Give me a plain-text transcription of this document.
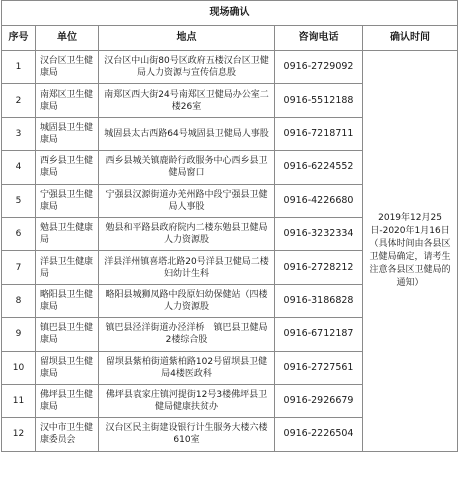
现场确认				
序号	单位	地点	咨询电话	确认时间
1	汉台区卫生健康局	汉台区中山街80号区政府五楼汉台区卫健局人力资源与宣传信息股	0916-2729092	2019年12月25日-2020年1月16日（具体时间由各县区卫健局确定，请考生注意各县区卫健局的通知）
2	南郑区卫生健康局	南郑区西大街24号南郑区卫健局办公室二楼26室	0916-5512188	
3	城固县卫生健康局	城固县太古西路64号城固县卫健局人事股	0916-7218711	
4	西乡县卫生健康局	西乡县城关镇鹿龄行政服务中心西乡县卫健局窗口	0916-6224552	
5	宁强县卫生健康局	宁强县汉源街道办羌州路中段宁强县卫健局人事股	0916-4226680	
6	勉县卫生健康局	勉县和平路县政府院内二楼东勉县卫健局人力资源股	0916-3232334	
7	洋县卫生健康局	洋县洋州镇喜塔北路20号洋县卫健局二楼妇幼计生科	0916-2728212	
8	略阳县卫生健康局	略阳县城狮凤路中段原妇幼保健站（四楼人力资源股	0916-3186828	
9	镇巴县卫生健康局	镇巴县泾洋街道办泾洋桥　镇巴县卫健局2楼综合股	0916-6712187	
10	留坝县卫生健康局	留坝县紫柏街道紫柏路102号留坝县卫健局4楼医政科	0916-2727561	
11	佛坪县卫生健康局	佛坪县袁家庄镇河提街12号3楼佛坪县卫健局健康扶贫办	0916-2926679	
12	汉中市卫生健康委员会	汉台区民主街建设银行计生服务大楼六楼610室	0916-2226504	
